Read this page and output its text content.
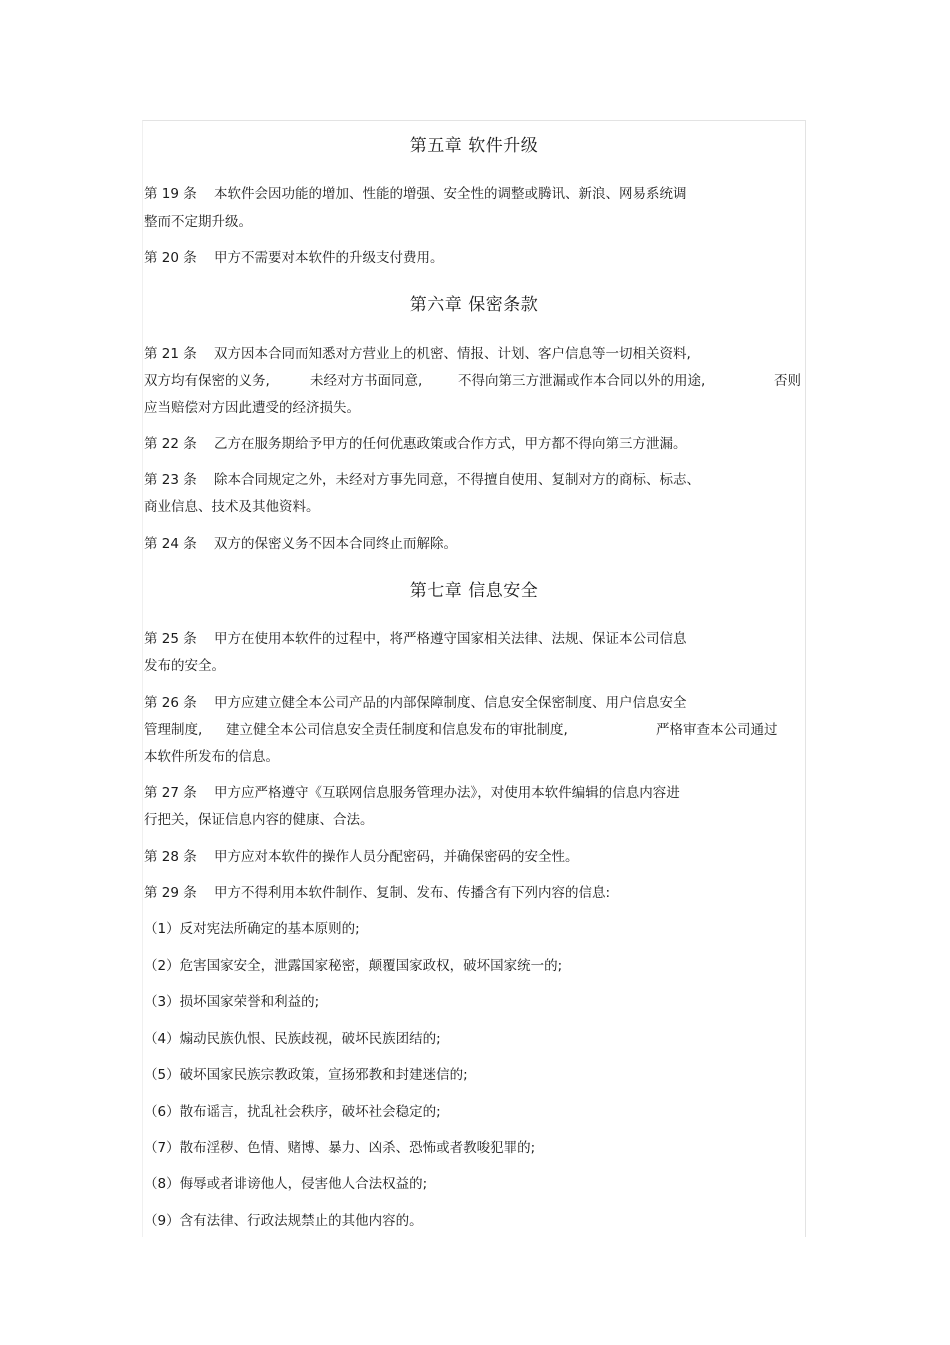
第五章 软件升级
第 19 条 本软件会因功能的增加、性能的增强、安全性的调整或腾讯、新浪、网易系统调
整而不定期升级。
第 20 条 甲方不需要对本软件的升级支付费用。
第六章 保密条款
第 21 条 双方因本合同而知悉对方营业上的机密、情报、计划、客户信息等一切相关资料,
双方均有保密的义务,	未经对方书面同意,	不得向第三方泄漏或作本合同以外的用途,	否则
应当赔偿对方因此遭受的经济损失。
第 22 条 乙方在服务期给予甲方的任何优惠政策或合作方式，甲方都不得向第三方泄漏。
第 23 条 除本合同规定之外，未经对方事先同意，不得擅自使用、复制对方的商标、标志、
商业信息、技术及其他资料。
第 24 条 双方的保密义务不因本合同终止而解除。
第七章 信息安全
第 25 条 甲方在使用本软件的过程中，将严格遵守国家相关法律、法规、保证本公司信息
发布的安全。
第 26 条 甲方应建立健全本公司产品的内部保障制度、信息安全保密制度、用户信息安全
管理制度, 建立健全本公司信息安全责任制度和信息发布的审批制度,	严格审查本公司通过
本软件所发布的信息。
第 27 条 甲方应严格遵守《互联网信息服务管理办法》，对使用本软件编辑的信息内容进
行把关，保证信息内容的健康、合法。
第 28 条 甲方应对本软件的操作人员分配密码，并确保密码的安全性。
第 29 条 甲方不得利用本软件制作、复制、发布、传播含有下列内容的信息:
（1）反对宪法所确定的基本原则的;
（2）危害国家安全，泄露国家秘密，颠覆国家政权，破坏国家统一的;
（3）损坏国家荣誉和利益的;
（4）煽动民族仇恨、民族歧视，破坏民族团结的;
（5）破坏国家民族宗教政策，宣扬邪教和封建迷信的;
（6）散布谣言，扰乱社会秩序，破坏社会稳定的;
（7）散布淫秽、色情、赌博、暴力、凶杀、恐怖或者教唆犯罪的;
（8）侮辱或者诽谤他人，侵害他人合法权益的;
（9）含有法律、行政法规禁止的其他内容的。
